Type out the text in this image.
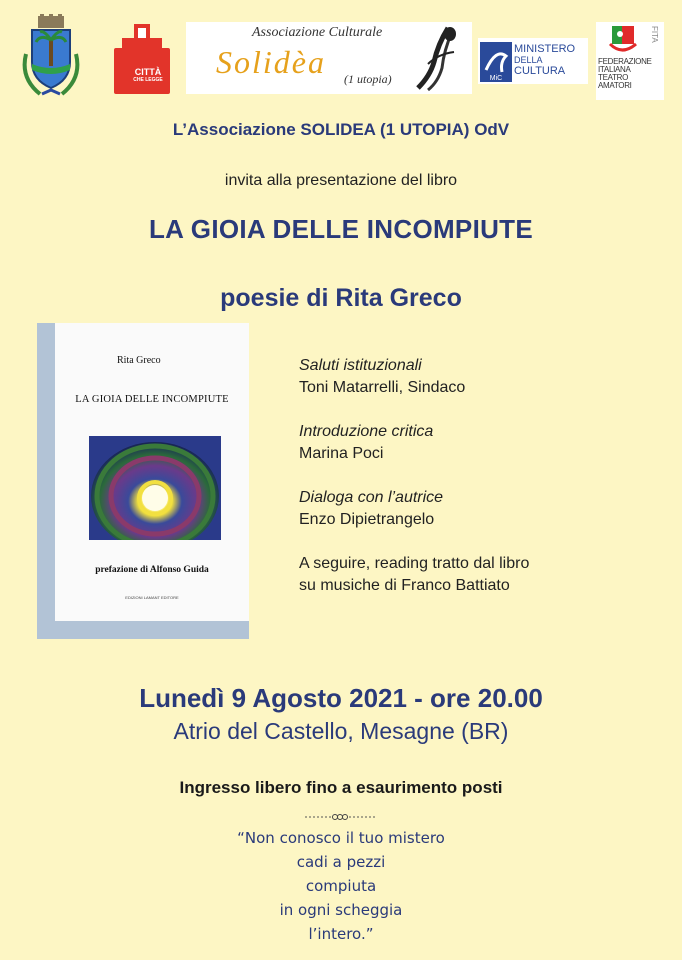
CITTÀ
CHE LEGGE
Associazione Culturale
Solidèa (1 utopia)	MiC
MINISTERO
DELLA
CULTURA
FITA
FEDERAZIONE ITALIANA TEATRO AMATORI
L’Associazione SOLIDEA (1 UTOPIA) OdV
invita alla presentazione del libro
LA GIOIA DELLE INCOMPIUTE
poesie di Rita Greco
Rita Greco
LA GIOIA DELLE INCOMPIUTE
prefazione di Alfonso Guida
EDIZIONI LAMANT EDITORE
Saluti istituzionali
Toni Matarrelli, Sindaco
Introduzione critica
Marina Poci
Dialoga con l’autrice
Enzo Dipietrangelo
A seguire, reading tratto dal libro
su musiche di Franco Battiato
Lunedì 9 Agosto 2021 - ore 20.00
Atrio del Castello, Mesagne (BR)
Ingresso libero fino a esaurimento posti
“Non conosco il tuo mistero
cadi a pezzi
compiuta
in ogni scheggia
l’intero.”
